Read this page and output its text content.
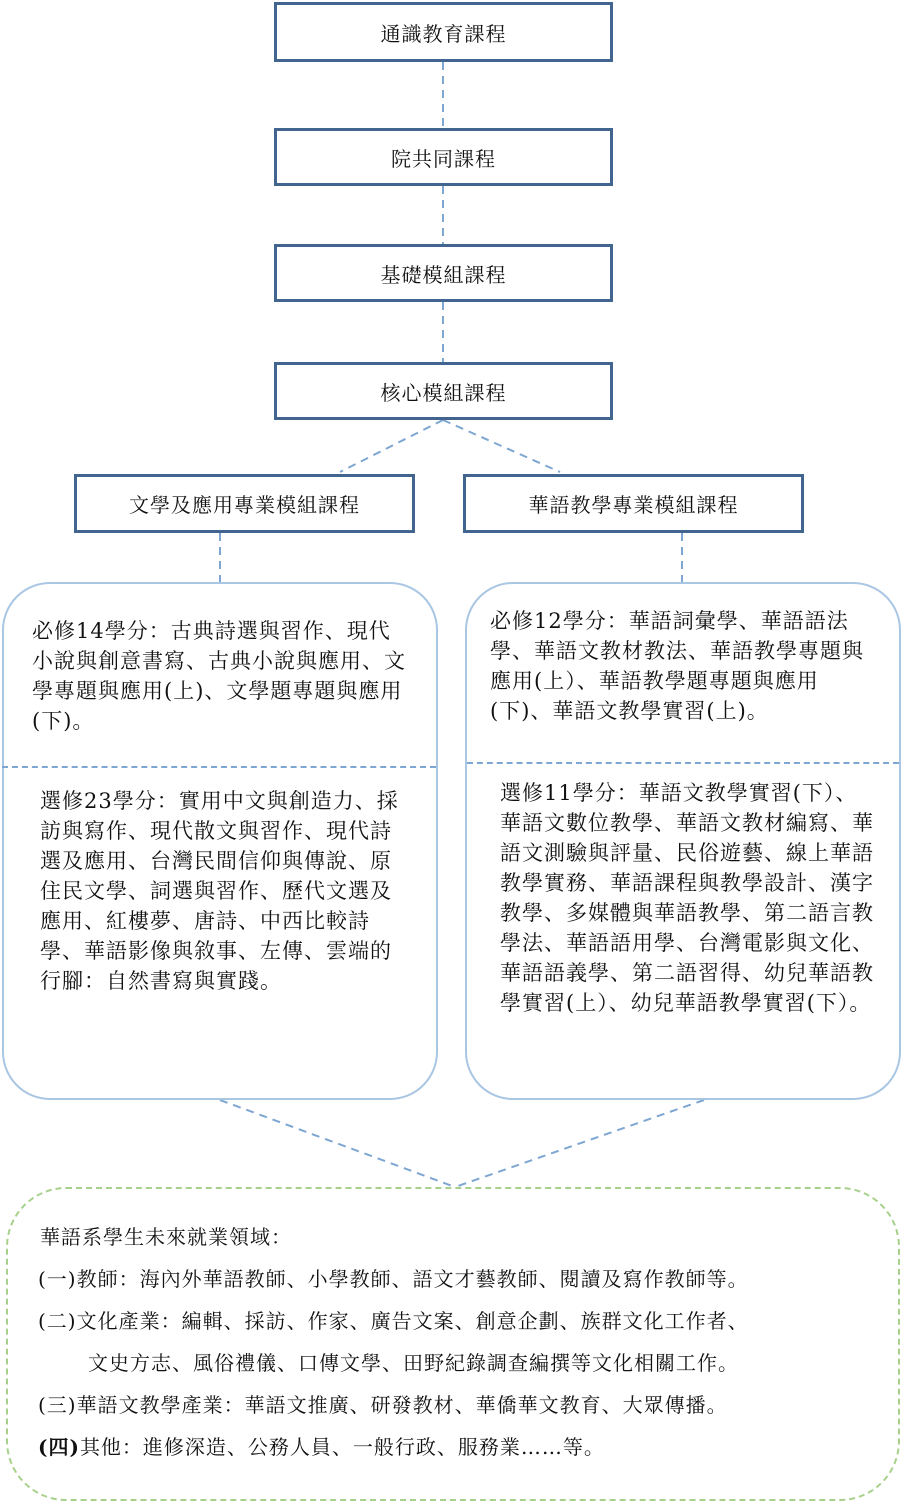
通識教育課程
院共同課程
基礎模組課程
核心模組課程
文學及應用專業模組課程	華語教學專業模組課程

必修14學分：古典詩選與習作、現代小說與創意書寫、古典小說與應用、文學專題與應用(上)、文學題專題與應用(下)。

選修23學分：實用中文與創造力、採訪與寫作、現代散文與習作、現代詩選及應用、台灣民間信仰與傳說、原住民文學、詞選與習作、歷代文選及應用、紅樓夢、唐詩、中西比較詩學、華語影像與敘事、左傳、雲端的行腳：自然書寫與實踐。

必修12學分：華語詞彙學、華語語法學、華語文教材教法、華語教學專題與應用(上）、華語教學題專題與應用(下)、華語文教學實習(上)。

選修11學分：華語文教學實習(下）、華語文數位教學、華語文教材編寫、華語文測驗與評量、民俗遊藝、線上華語教學實務、華語課程與教學設計、漢字教學、多媒體與華語教學、第二語言教學法、華語語用學、台灣電影與文化、華語語義學、第二語習得、幼兒華語教學實習(上）、幼兒華語教學實習(下）。

華語系學生未來就業領域：
(一)教師：海內外華語教師、小學教師、語文才藝教師、閱讀及寫作教師等。
(二)文化產業：編輯、採訪、作家、廣告文案、創意企劃、族群文化工作者、
文史方志、風俗禮儀、口傳文學、田野紀錄調查編撰等文化相關工作。
(三)華語文教學產業：華語文推廣、研發教材、華僑華文教育、大眾傳播。
(四)其他：進修深造、公務人員、一般行政、服務業……等。
